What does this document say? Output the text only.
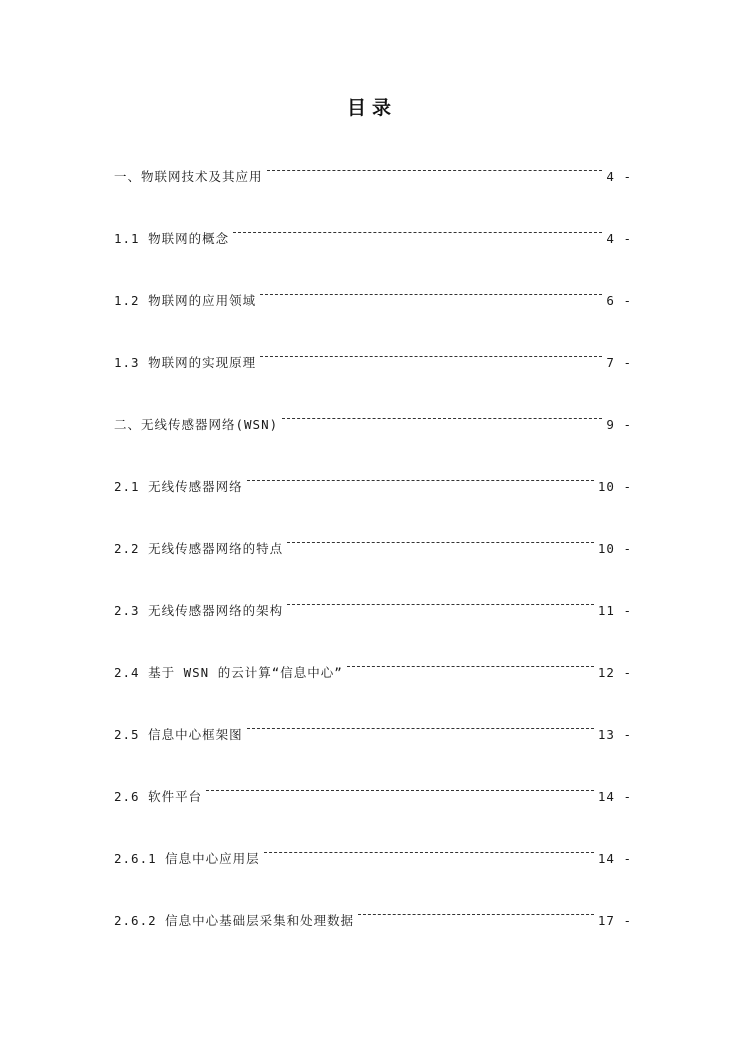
目录
一、物联网技术及其应用	4 -
1.1 物联网的概念	4 -
1.2 物联网的应用领域	6 -
1.3 物联网的实现原理	7 -
二、无线传感器网络(WSN)	9 -
2.1 无线传感器网络	10 -
2.2 无线传感器网络的特点	10 -
2.3 无线传感器网络的架构	11 -
2.4 基于 WSN 的云计算“信息中心”	12 -
2.5 信息中心框架图	13 -
2.6 软件平台	14 -
2.6.1 信息中心应用层	14 -
2.6.2 信息中心基础层采集和处理数据	17 -
